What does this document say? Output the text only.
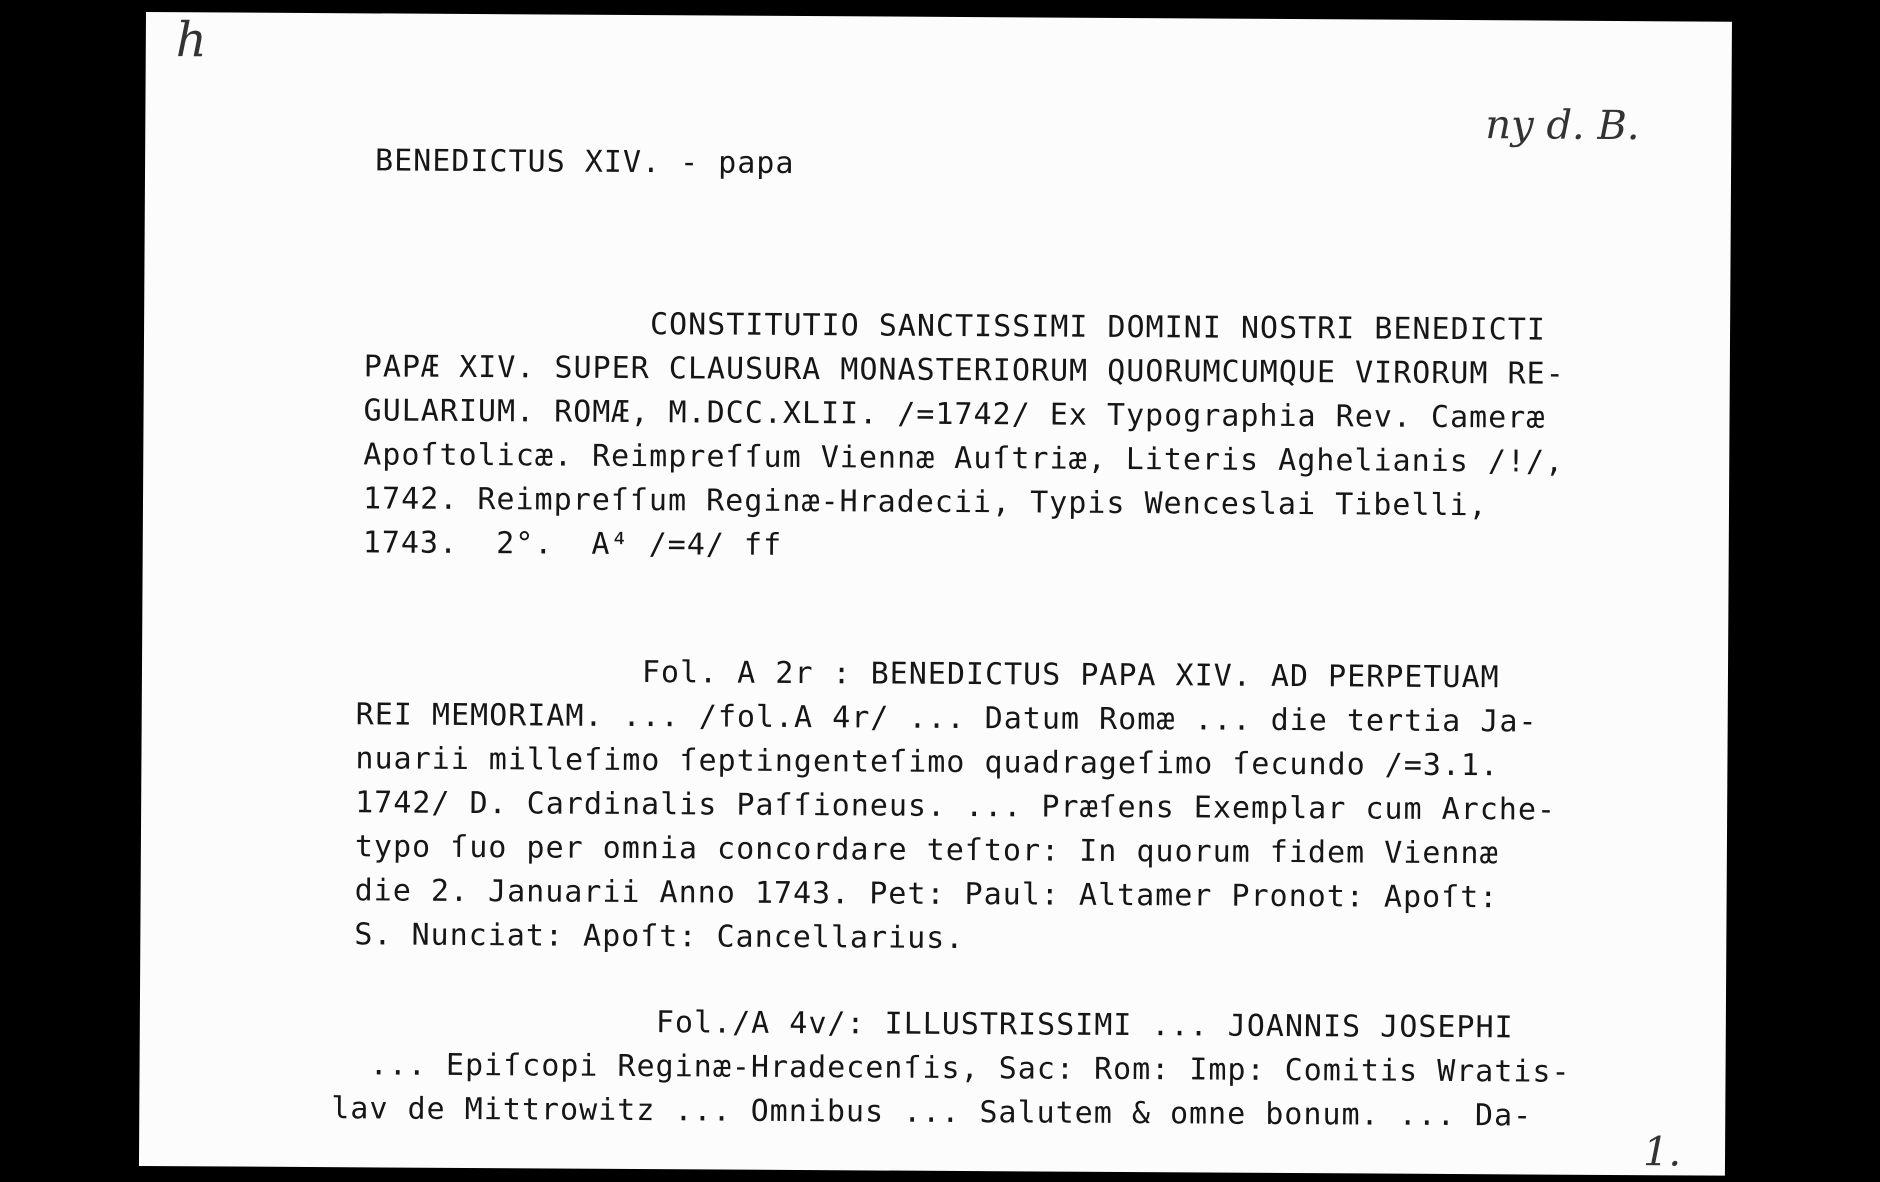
h
ny d. B.
BENEDICTUS XIV. - papa

CONSTITUTIO SANCTISSIMI DOMINI NOSTRI BENEDICTI

PAPÆ XIV. SUPER CLAUSURA MONASTERIORUM QUORUMCUMQUE VIRORUM RE-

GULARIUM. ROMÆ, M.DCC.XLII. /=1742/ Ex Typographia Rev. Cameræ

Apoſtolicæ. Reimpreſſum Viennæ Auſtriæ, Literis Aghelianis /!/,

1742. Reimpreſſum Reginæ-Hradecii, Typis Wenceslai Tibelli,

1743.  2°.  A⁴ /=4/ ff

Fol. A 2r : BENEDICTUS PAPA XIV. AD PERPETUAM

REI MEMORIAM. ... /fol.A 4r/ ... Datum Romæ ... die tertia Ja-

nuarii milleſimo ſeptingenteſimo quadrageſimo ſecundo /=3.1.

1742/ D. Cardinalis Paſſioneus. ... Præſens Exemplar cum Arche-

typo ſuo per omnia concordare teſtor: In quorum fidem Viennæ

die 2. Januarii Anno 1743. Pet: Paul: Altamer Pronot: Apoſt:

S. Nunciat: Apoſt: Cancellarius.

Fol./A 4v/: ILLUSTRISSIMI ... JOANNIS JOSEPHI

... Epiſcopi Reginæ-Hradecenſis, Sac: Rom: Imp: Comitis Wratis-

lav de Mittrowitz ... Omnibus ... Salutem & omne bonum. ... Da-

1.
